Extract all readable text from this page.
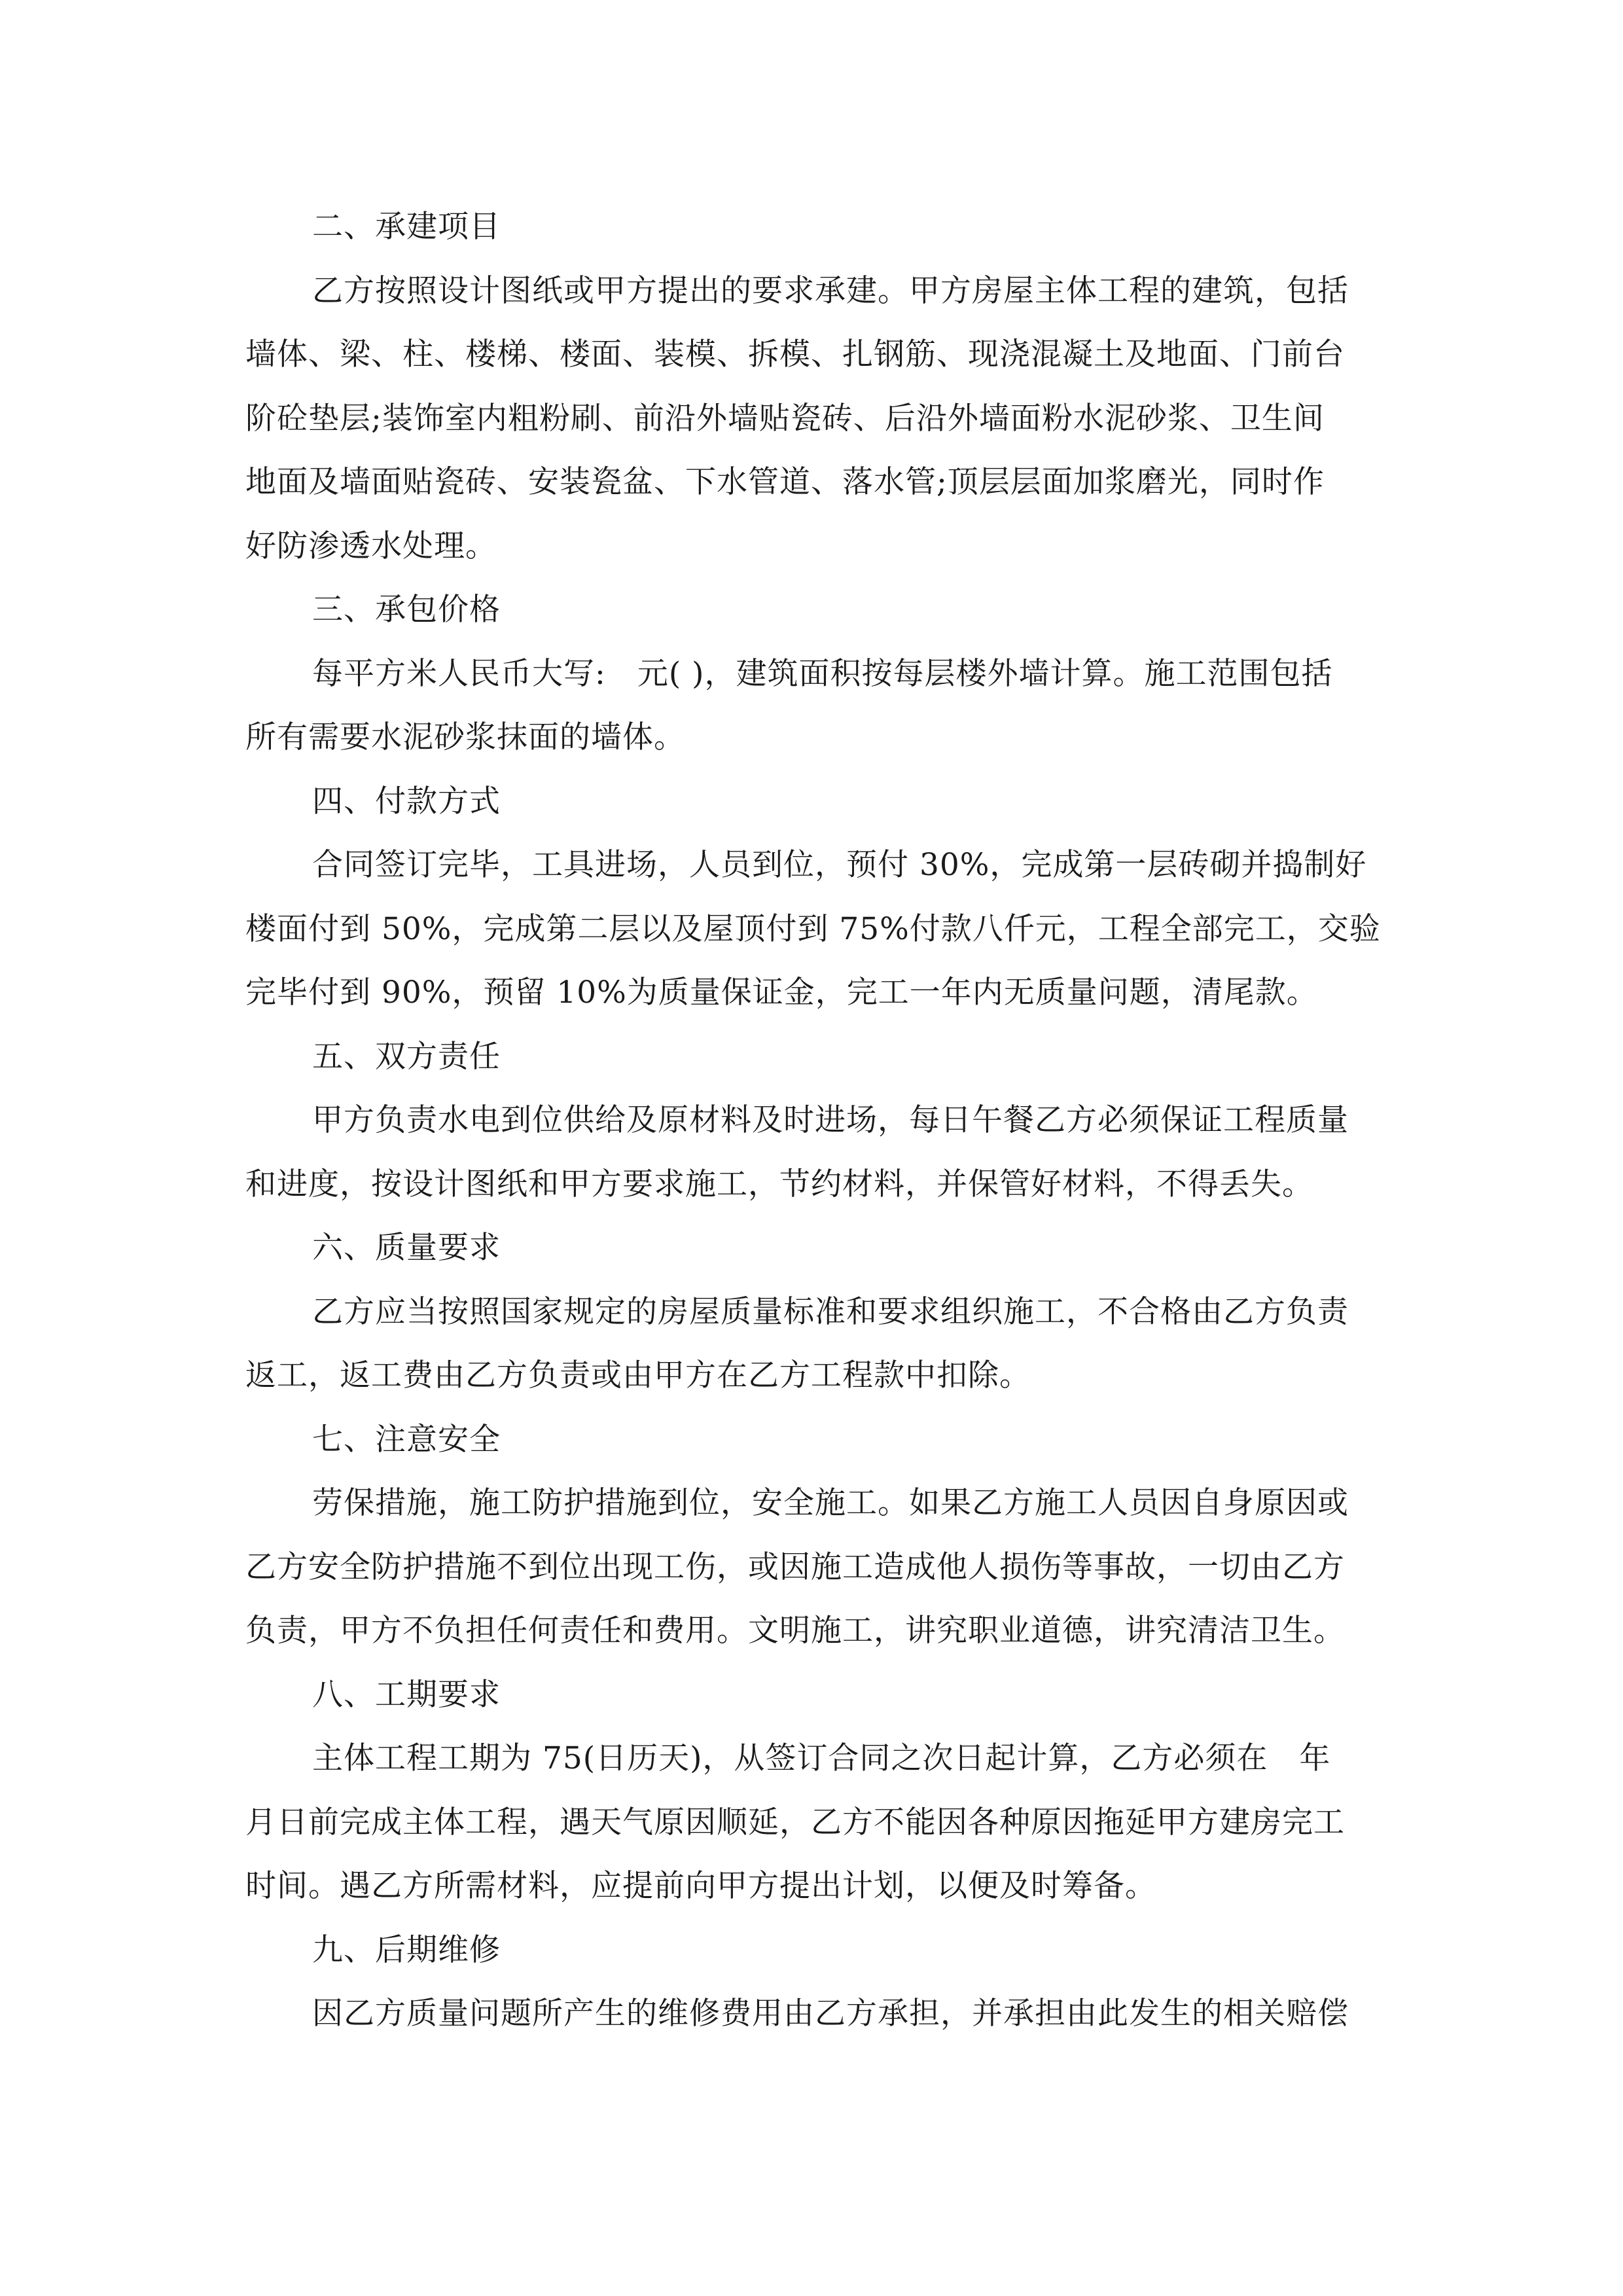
二、承建项目
乙方按照设计图纸或甲方提出的要求承建。甲方房屋主体工程的建筑，包括
墙体、梁、柱、楼梯、楼面、装模、拆模、扎钢筋、现浇混凝土及地面、门前台
阶砼垫层;装饰室内粗粉刷、前沿外墙贴瓷砖、后沿外墙面粉水泥砂浆、卫生间
地面及墙面贴瓷砖、安装瓷盆、下水管道、落水管;顶层层面加浆磨光，同时作
好防渗透水处理。
三、承包价格
每平方米人民币大写:　元( )，建筑面积按每层楼外墙计算。施工范围包括
所有需要水泥砂浆抹面的墙体。
四、付款方式
合同签订完毕，工具进场，人员到位，预付 30%，完成第一层砖砌并捣制好
楼面付到 50%，完成第二层以及屋顶付到 75%付款八仟元，工程全部完工，交验
完毕付到 90%，预留 10%为质量保证金，完工一年内无质量问题，清尾款。
五、双方责任
甲方负责水电到位供给及原材料及时进场，每日午餐乙方必须保证工程质量
和进度，按设计图纸和甲方要求施工，节约材料，并保管好材料，不得丢失。
六、质量要求
乙方应当按照国家规定的房屋质量标准和要求组织施工，不合格由乙方负责
返工，返工费由乙方负责或由甲方在乙方工程款中扣除。
七、注意安全
劳保措施，施工防护措施到位，安全施工。如果乙方施工人员因自身原因或
乙方安全防护措施不到位出现工伤，或因施工造成他人损伤等事故，一切由乙方
负责，甲方不负担任何责任和费用。文明施工，讲究职业道德，讲究清洁卫生。
八、工期要求
主体工程工期为 75(日历天)，从签订合同之次日起计算，乙方必须在　年
月日前完成主体工程，遇天气原因顺延，乙方不能因各种原因拖延甲方建房完工
时间。遇乙方所需材料，应提前向甲方提出计划，以便及时筹备。
九、后期维修
因乙方质量问题所产生的维修费用由乙方承担，并承担由此发生的相关赔偿
